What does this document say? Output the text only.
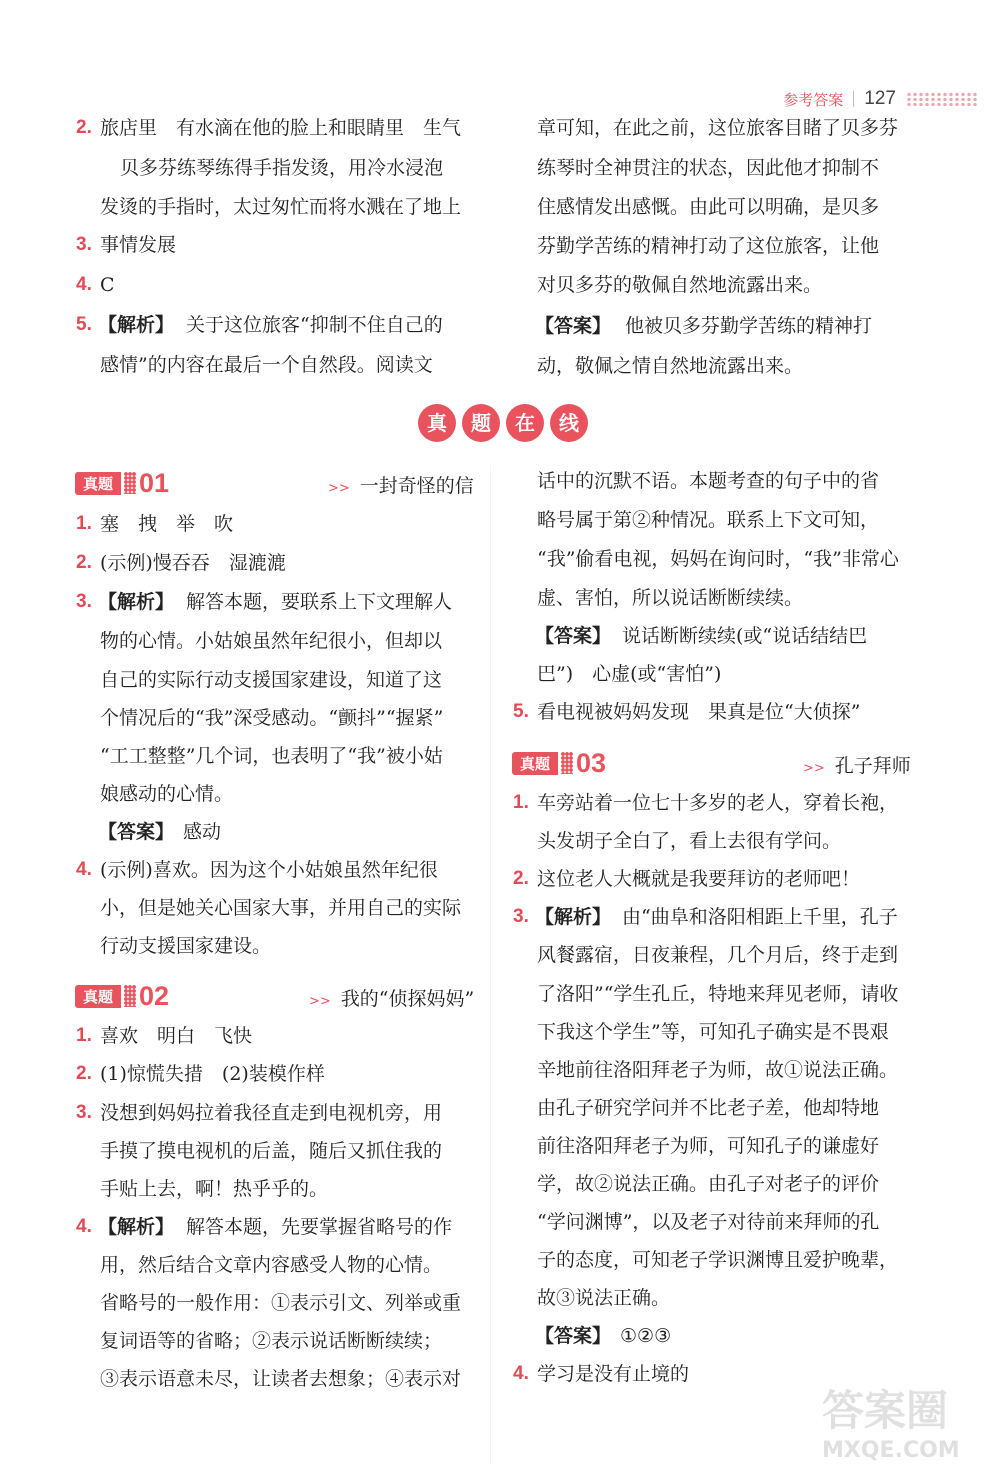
参考答案 127
2. 旅店里　有水滴在他的脸上和眼睛里　生气
贝多芬练琴练得手指发烫，用冷水浸泡
发烫的手指时，太过匆忙而将水溅在了地上
3. 事情发展
4. C
5. 【解析】 关于这位旅客“抑制不住自己的
感情”的内容在最后一个自然段。阅读文
章可知，在此之前，这位旅客目睹了贝多芬
练琴时全神贯注的状态，因此他才抑制不
住感情发出感慨。由此可以明确，是贝多
芬勤学苦练的精神打动了这位旅客，让他
对贝多芬的敬佩自然地流露出来。
【答案】 他被贝多芬勤学苦练的精神打
动，敬佩之情自然地流露出来。
真	题	在	线
真题 01	>> 一封奇怪的信
1. 塞　拽　举　吹
2. (示例)慢吞吞　湿漉漉
3. 【解析】 解答本题，要联系上下文理解人
物的心情。小姑娘虽然年纪很小，但却以
自己的实际行动支援国家建设，知道了这
个情况后的“我”深受感动。“颤抖”“握紧”
“工工整整”几个词，也表明了“我”被小姑
娘感动的心情。
【答案】 感动
4. (示例)喜欢。因为这个小姑娘虽然年纪很
小，但是她关心国家大事，并用自己的实际
行动支援国家建设。
真题 02	>> 我的“侦探妈妈”
1. 喜欢　明白　飞快
2. (1)惊慌失措　(2)装模作样
3. 没想到妈妈拉着我径直走到电视机旁，用
手摸了摸电视机的后盖，随后又抓住我的
手贴上去，啊！热乎乎的。
4. 【解析】 解答本题，先要掌握省略号的作
用，然后结合文章内容感受人物的心情。
省略号的一般作用：①表示引文、列举或重
复词语等的省略；②表示说话断断续续；
③表示语意未尽，让读者去想象；④表示对
话中的沉默不语。本题考查的句子中的省
略号属于第②种情况。联系上下文可知，
“我”偷看电视，妈妈在询问时，“我”非常心
虚、害怕，所以说话断断续续。
【答案】 说话断断续续(或“说话结结巴
巴”)　心虚(或“害怕”)
5. 看电视被妈妈发现　果真是位“大侦探”
真题 03	>> 孔子拜师
1. 车旁站着一位七十多岁的老人，穿着长袍，
头发胡子全白了，看上去很有学问。
2. 这位老人大概就是我要拜访的老师吧！
3. 【解析】 由“曲阜和洛阳相距上千里，孔子
风餐露宿，日夜兼程，几个月后，终于走到
了洛阳”“学生孔丘，特地来拜见老师，请收
下我这个学生”等，可知孔子确实是不畏艰
辛地前往洛阳拜老子为师，故①说法正确。
由孔子研究学问并不比老子差，他却特地
前往洛阳拜老子为师，可知孔子的谦虚好
学，故②说法正确。由孔子对老子的评价
“学问渊博”，以及老子对待前来拜师的孔
子的态度，可知老子学识渊博且爱护晚辈，
故③说法正确。
【答案】 ①②③
4. 学习是没有止境的
答案圈
MXQE.COM
